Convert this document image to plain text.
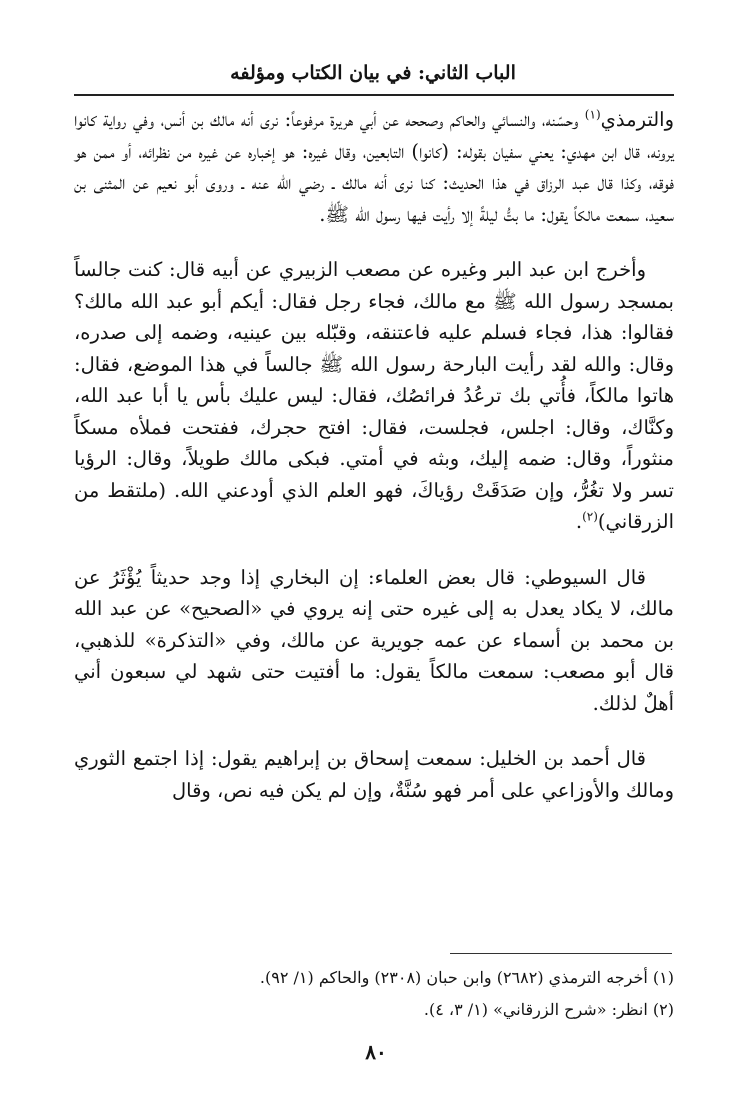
الباب الثاني: في بيان الكتاب ومؤلفه

والترمذي$^{(١)}$ وحسّنه، والنسائي والحاكم وصححه عن أبي هريرة مرفوعاً: نرى أنه مالك بن أنس، وفي رواية كانوا يرونه، قال ابن مهدي: يعني سفيان بقوله: (كانوا) التابعين، وقال غيره: هو إخباره عن غيره من نظرائه، أو ممن هو فوقه، وكذا قال عبد الرزاق في هذا الحديث: كنا نرى أنه مالك ـ رضي الله عنه ـ وروى أبو نعيم عن المثنى بن سعيد، سمعت مالكاً يقول: ما بتُّ ليلةً إلا رأيت فيها رسول الله ﷺ.

وأخرج ابن عبد البر وغيره عن مصعب الزبيري عن أبيه قال: كنت جالساً بمسجد رسول الله ﷺ مع مالك، فجاء رجل فقال: أيكم أبو عبد الله مالك؟ فقالوا: هذا، فجاء فسلم عليه فاعتنقه، وقبّله بين عينيه، وضمه إلى صدره، وقال: والله لقد رأيت البارحة رسول الله ﷺ جالساً في هذا الموضع، فقال: هاتوا مالكاً، فأُتي بك ترعُدُ فرائصُك، فقال: ليس عليك بأس يا أبا عبد الله، وكنَّاك، وقال: اجلس، فجلست، فقال: افتح حجرك، ففتحت فملأه مسكاً منثوراً، وقال: ضمه إليك، وبثه في أمتي. فبكى مالك طويلاً، وقال: الرؤيا تسر ولا تغُرُّ، وإن صَدَقَتْ رؤياكَ، فهو العلم الذي أودعني الله. (ملتقط من الزرقاني)$^{(٢)}$.

قال السيوطي: قال بعض العلماء: إن البخاري إذا وجد حديثاً يُؤْثَرُ عن مالك، لا يكاد يعدل به إلى غيره حتى إنه يروي في «الصحيح» عن عبد الله بن محمد بن أسماء عن عمه جويرية عن مالك، وفي «التذكرة» للذهبي، قال أبو مصعب: سمعت مالكاً يقول: ما أفتيت حتى شهد لي سبعون أني أهلٌ لذلك.

قال أحمد بن الخليل: سمعت إسحاق بن إبراهيم يقول: إذا اجتمع الثوري ومالك والأوزاعي على أمر فهو سُنَّةٌ، وإن لم يكن فيه نص، وقال

(١) أخرجه الترمذي (٢٦٨٢) وابن حبان (٢٣٠٨) والحاكم (١/ ٩٢).

(٢) انظر: «شرح الزرقاني» (١/ ٣، ٤).

٨٠
